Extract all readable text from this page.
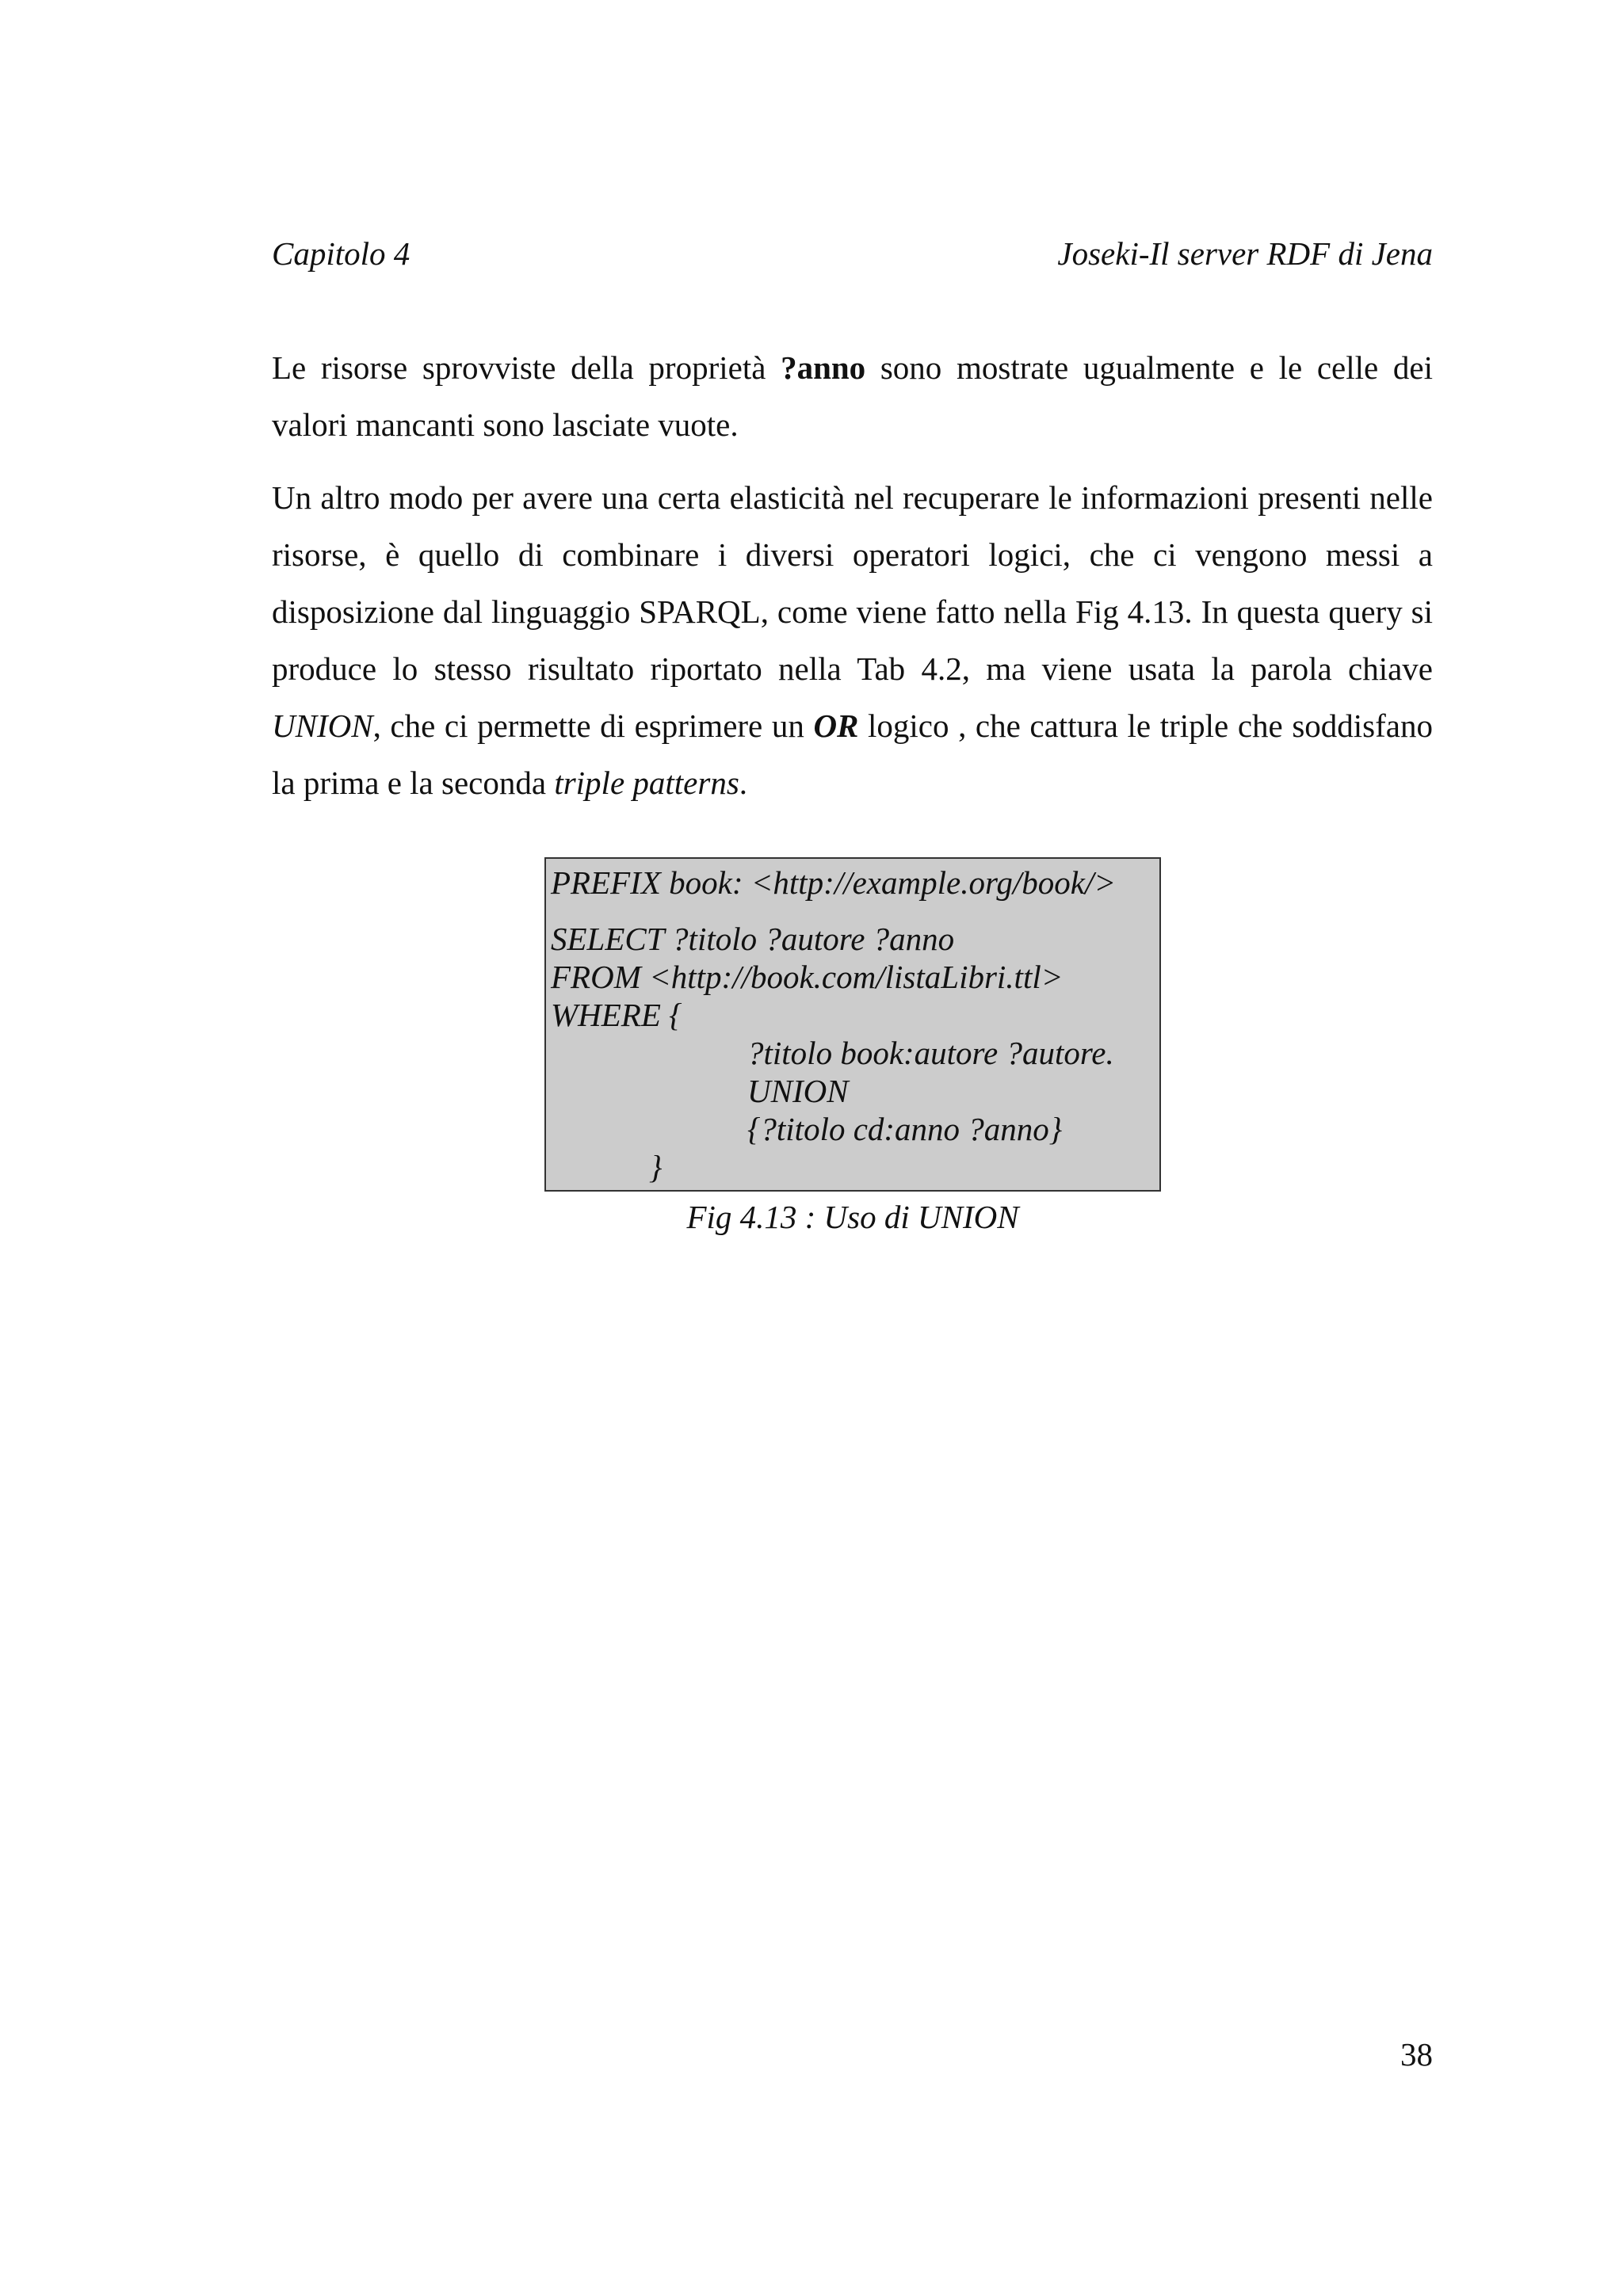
Capitolo 4	Joseki-Il server RDF di Jena

Le risorse sprovviste della proprietà ?anno sono mostrate ugualmente e le celle dei valori mancanti sono lasciate vuote.

Un altro modo per avere una certa elasticità nel recuperare le informazioni presenti nelle risorse, è quello di combinare i diversi operatori logici, che ci vengono messi a disposizione dal linguaggio SPARQL, come viene fatto nella Fig 4.13. In questa query si produce lo stesso risultato riportato nella Tab 4.2, ma viene usata la parola chiave UNION, che ci permette di esprimere un OR logico , che cattura le triple che soddisfano la prima e la seconda triple patterns.

PREFIX book: <http://example.org/book/>
SELECT ?titolo ?autore ?anno
FROM <http://book.com/listaLibri.ttl>
WHERE {
?titolo book:autore ?autore.
UNION
{?titolo cd:anno ?anno}
}
Fig 4.13 : Uso di UNION
38
